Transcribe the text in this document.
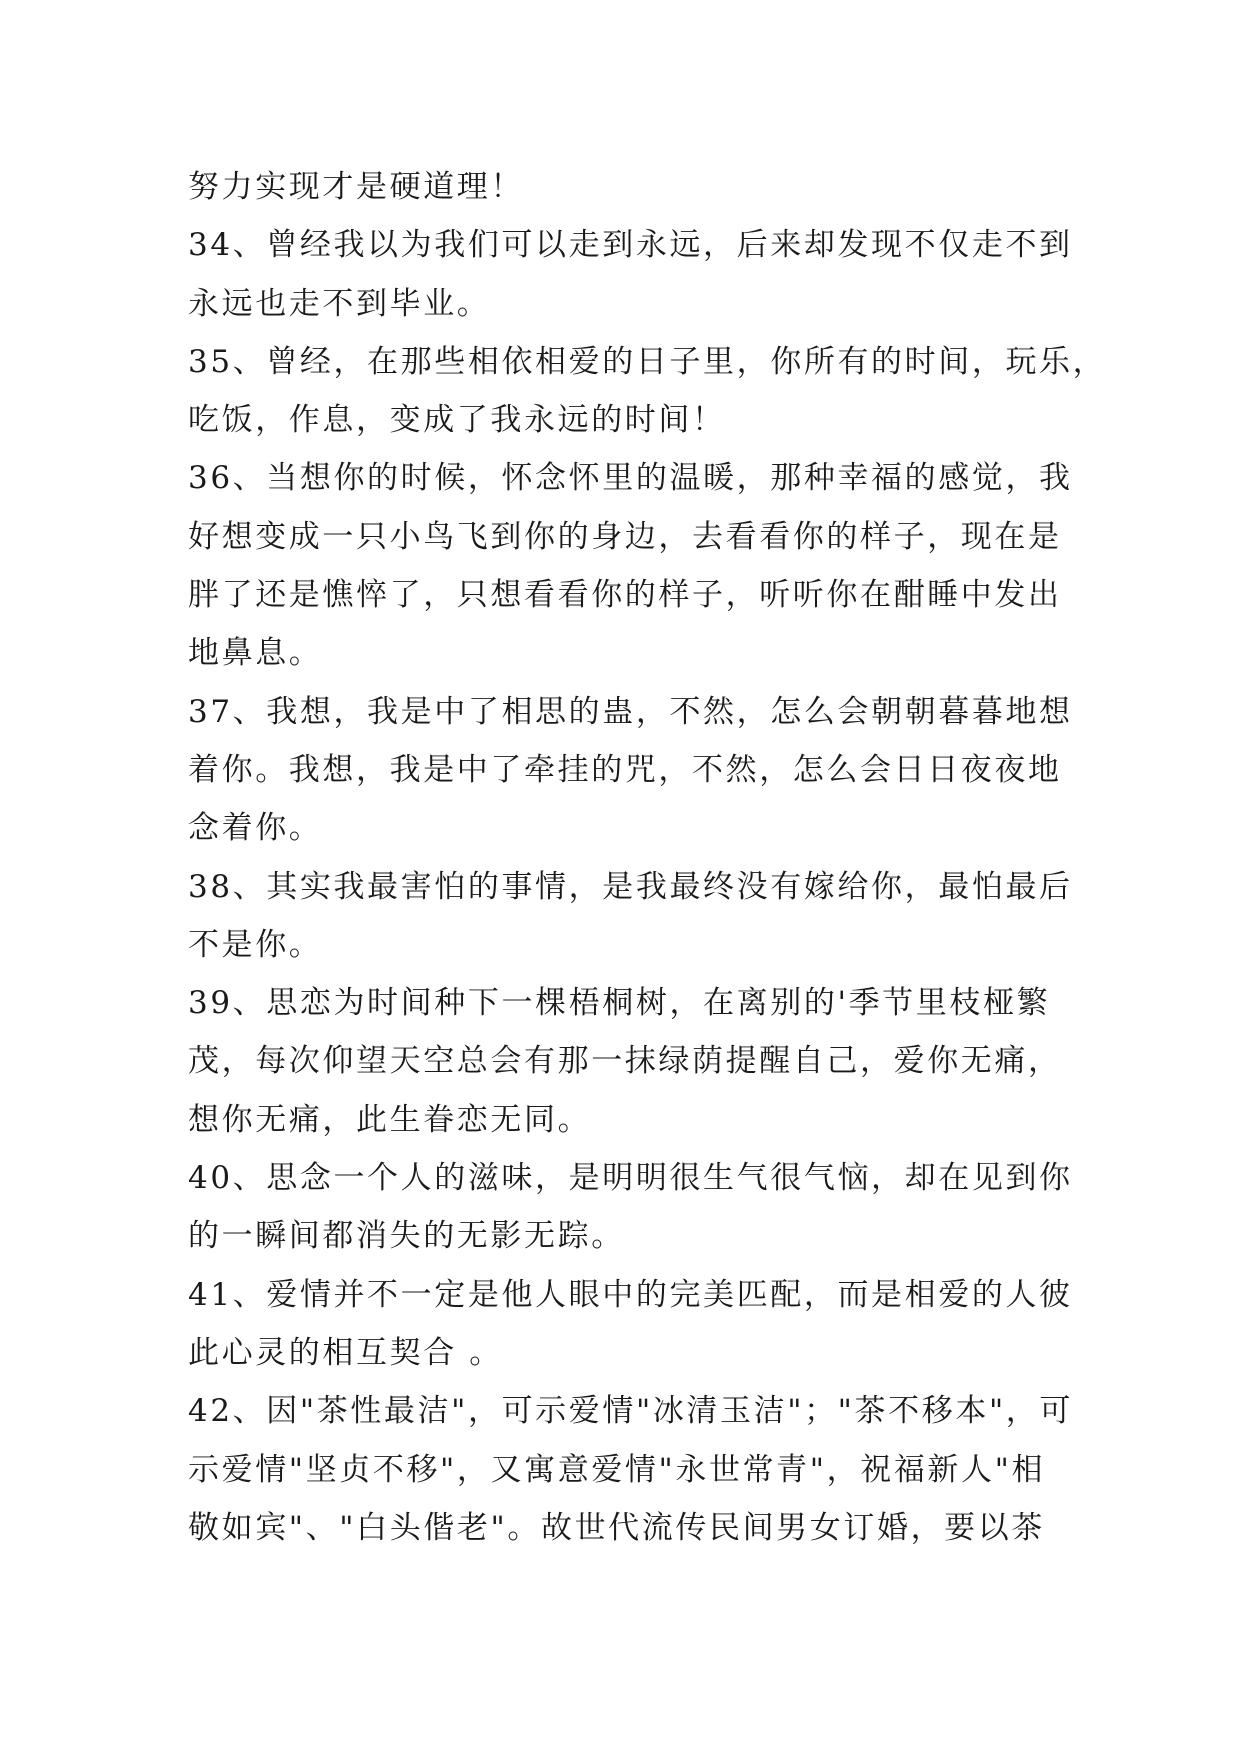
努力实现才是硬道理！
34、曾经我以为我们可以走到永远，后来却发现不仅走不到
永远也走不到毕业。
35、曾经，在那些相依相爱的日子里，你所有的时间，玩乐，
吃饭，作息，变成了我永远的时间！
36、当想你的时候，怀念怀里的温暖，那种幸福的感觉，我
好想变成一只小鸟飞到你的身边，去看看你的样子，现在是
胖了还是憔悴了，只想看看你的样子，听听你在酣睡中发出
地鼻息。
37、我想，我是中了相思的蛊，不然，怎么会朝朝暮暮地想
着你。我想，我是中了牵挂的咒，不然，怎么会日日夜夜地
念着你。
38、其实我最害怕的事情，是我最终没有嫁给你，最怕最后
不是你。
39、思恋为时间种下一棵梧桐树，在离别的'季节里枝桠繁
茂，每次仰望天空总会有那一抹绿荫提醒自己，爱你无痛，
想你无痛，此生眷恋无同。
40、思念一个人的滋味，是明明很生气很气恼，却在见到你
的一瞬间都消失的无影无踪。
41、爱情并不一定是他人眼中的完美匹配，而是相爱的人彼
此心灵的相互契合 。
42、因"茶性最洁"，可示爱情"冰清玉洁"；"茶不移本"，可
示爱情"坚贞不移"，又寓意爱情"永世常青"，祝福新人"相
敬如宾"、"白头偕老"。故世代流传民间男女订婚，要以茶
